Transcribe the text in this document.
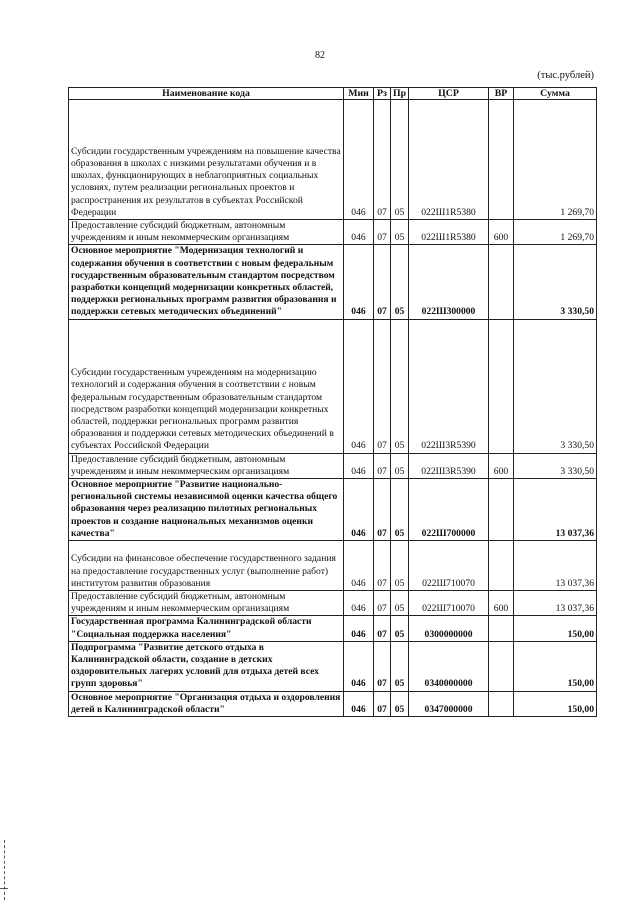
82
(тыс.рублей)
Наименование кода	Мин	Рз	Пр	ЦСР	ВР	Сумма
Субсидии государственным учреждениям на повышение качества образования в школах с низкими результатами обучения и в школах, функционирующих в неблагоприятных социальных условиях, путем реализации региональных проектов и распространения их результатов в субъектах Российской Федерации	046	07	05	022Ш1R5380		1 269,70
Предоставление субсидий бюджетным, автономным учреждениям и иным некоммерческим организациям	046	07	05	022Ш1R5380	600	1 269,70
Основное мероприятие "Модернизация технологий и содержания обучения в соответствии с новым федеральным государственным образовательным стандартом посредством разработки концепций модернизации конкретных областей, поддержки региональных программ развития образования и поддержки сетевых методических объединений"	046	07	05	022Ш300000		3 330,50
Субсидии государственным учреждениям на модернизацию технологий и содержания обучения в соответствии с новым федеральным государственным образовательным стандартом посредством разработки концепций модернизации конкретных областей, поддержки региональных программ развития образования и поддержки сетевых методических объединений в субъектах Российской Федерации	046	07	05	022Ш3R5390		3 330,50
Предоставление субсидий бюджетным, автономным учреждениям и иным некоммерческим организациям	046	07	05	022Ш3R5390	600	3 330,50
Основное мероприятие "Развитие национально-региональной системы независимой оценки качества общего образования через реализацию пилотных региональных проектов и создание национальных механизмов оценки качества"	046	07	05	022Ш700000		13 037,36
Субсидии на финансовое обеспечение государственного задания на предоставление государственных услуг (выполнение работ) институтом развития образования	046	07	05	022Ш710070		13 037,36
Предоставление субсидий бюджетным, автономным учреждениям и иным некоммерческим организациям	046	07	05	022Ш710070	600	13 037,36
Государственная программа Калининградской области "Социальная поддержка населения"	046	07	05	0300000000		150,00
Подпрограмма "Развитие детского отдыха в Калининградской области, создание в детских оздоровительных лагерях условий для отдыха детей всех групп здоровья"	046	07	05	0340000000		150,00
Основное мероприятие "Организация отдыха и оздоровления детей в Калининградской области"	046	07	05	0347000000		150,00
